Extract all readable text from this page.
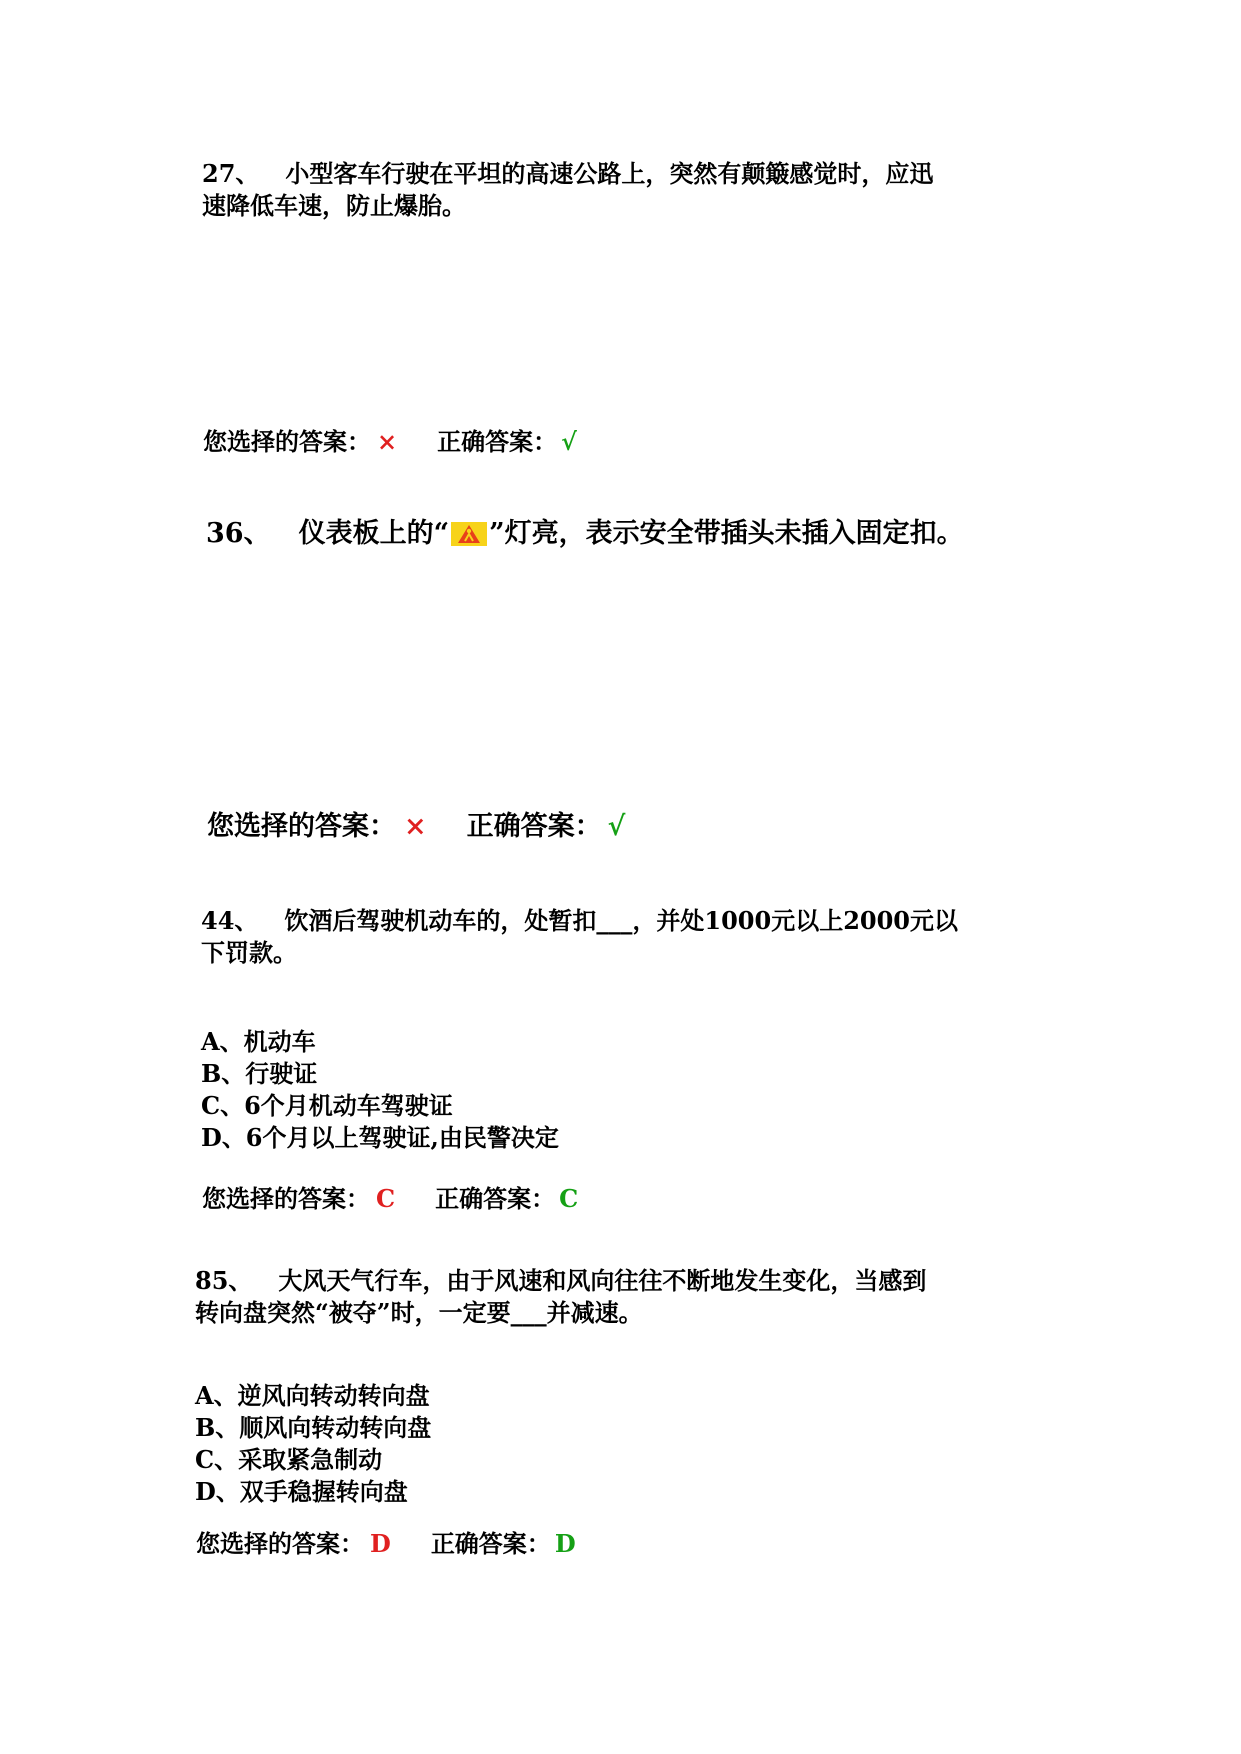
27、 小型客车行驶在平坦的高速公路上，突然有颠簸感觉时，应迅
速降低车速，防止爆胎。
您选择的答案： × 正确答案： √
36、 仪表板上的“ ”灯亮，表示安全带插头未插入固定扣。
您选择的答案： × 正确答案： √
44、 饮酒后驾驶机动车的，处暂扣___，并处1000元以上2000元以
下罚款。
A、机动车
B、行驶证
C、6个月机动车驾驶证
D、6个月以上驾驶证,由民警决定
您选择的答案： C 正确答案： C
85、 大风天气行车，由于风速和风向往往不断地发生变化，当感到
转向盘突然“被夺”时，一定要___并减速。
A、逆风向转动转向盘
B、顺风向转动转向盘
C、采取紧急制动
D、双手稳握转向盘
您选择的答案： D 正确答案： D
